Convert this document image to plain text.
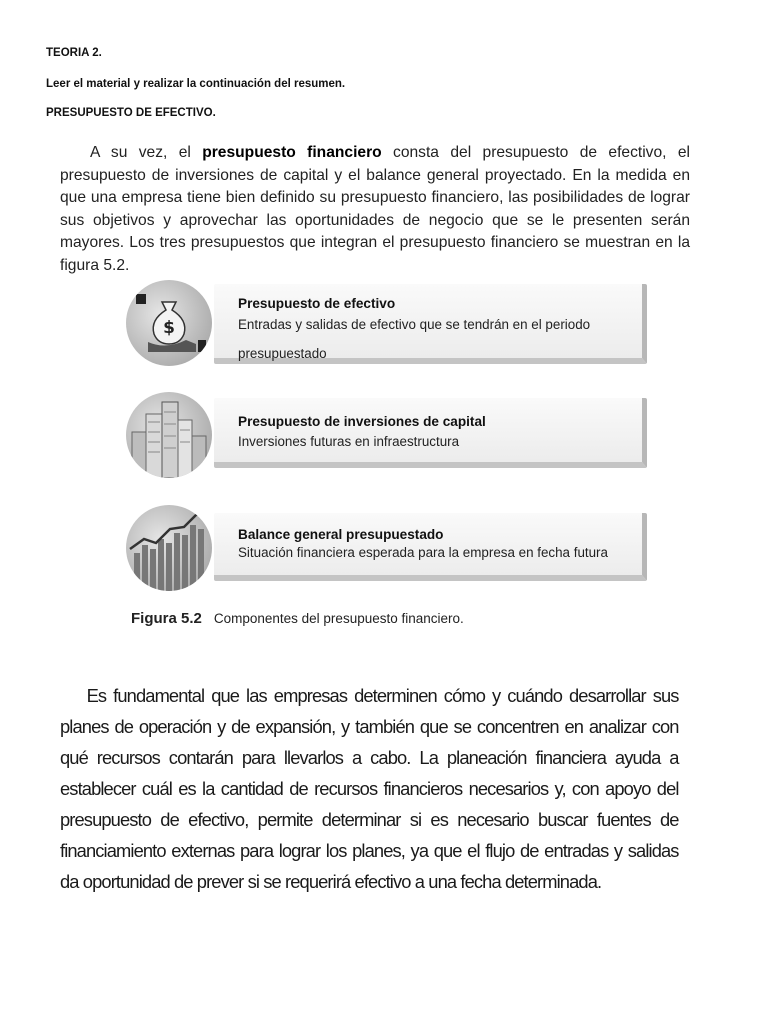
TEORIA 2.
Leer el material y realizar la continuación del resumen.
PRESUPUESTO DE EFECTIVO.

A su vez, el presupuesto financiero consta del presupuesto de efectivo, el presupuesto de inversiones de capital y el balance general proyectado. En la medida en que una empresa tiene bien definido su presupuesto financiero, las posibilidades de lograr sus objetivos y aprovechar las oportunidades de negocio que se le presenten serán mayores. Los tres presupuestos que integran el presupuesto financiero se muestran en la figura 5.2.

Presupuesto de efectivo
Entradas y salidas de efectivo que se tendrán en el periodo
presupuestado
$
Presupuesto de inversiones de capital
Inversiones futuras en infraestructura
Balance general presupuestado
Situación financiera esperada para la empresa en fecha futura
Figura 5.2 Componentes del presupuesto financiero.

Es fundamental que las empresas determinen cómo y cuándo desarrollar sus planes de operación y de expansión, y también que se concentren en analizar con qué recursos contarán para llevarlos a cabo. La planeación financiera ayuda a establecer cuál es la cantidad de recursos financieros necesarios y, con apoyo del presupuesto de efectivo, permite determinar si es necesario buscar fuentes de financiamiento externas para lograr los planes, ya que el flujo de entradas y salidas da oportunidad de prever si se requerirá efectivo a una fecha determinada.
